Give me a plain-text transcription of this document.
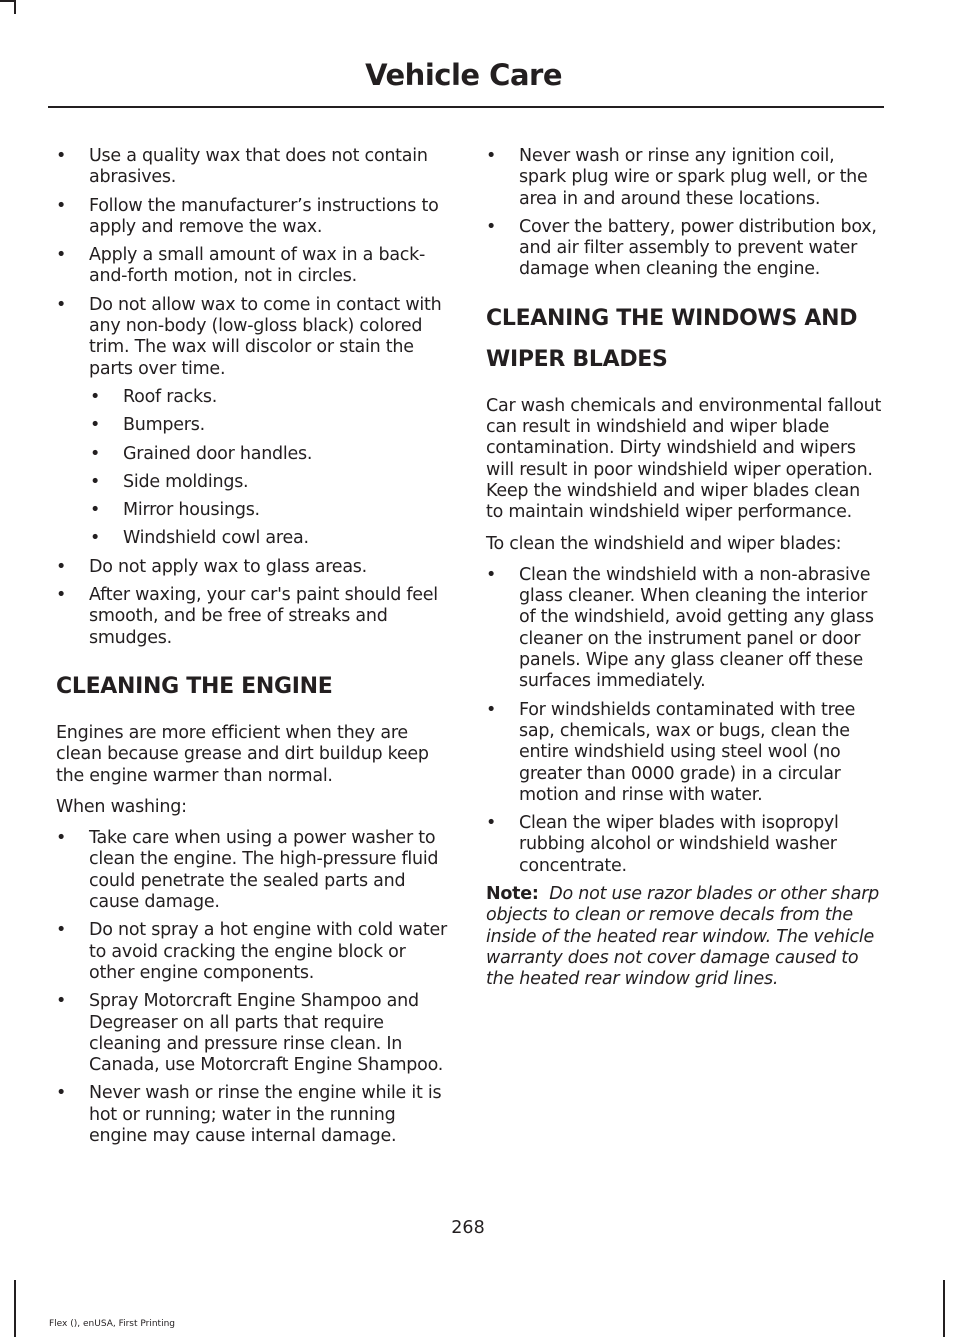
Vehicle Care
• Use a quality wax that does not contain abrasives.
• Follow the manufacturer’s instructions to apply and remove the wax.
• Apply a small amount of wax in a back-and-forth motion, not in circles.
• Do not allow wax to come in contact with any non-body (low-gloss black) colored trim. The wax will discolor or stain the parts over time.
• Roof racks.
• Bumpers.
• Grained door handles.
• Side moldings.
• Mirror housings.
• Windshield cowl area.
• Do not apply wax to glass areas.
• After waxing, your car's paint should feel smooth, and be free of streaks and smudges.
CLEANING THE ENGINE

Engines are more efficient when they are clean because grease and dirt buildup keep the engine warmer than normal.

When washing:

• Take care when using a power washer to clean the engine. The high-pressure fluid could penetrate the sealed parts and cause damage.
• Do not spray a hot engine with cold water to avoid cracking the engine block or other engine components.
• Spray Motorcraft Engine Shampoo and Degreaser on all parts that require cleaning and pressure rinse clean. In Canada, use Motorcraft Engine Shampoo.
• Never wash or rinse the engine while it is hot or running; water in the running engine may cause internal damage.
• Never wash or rinse any ignition coil, spark plug wire or spark plug well, or the area in and around these locations.
• Cover the battery, power distribution box, and air filter assembly to prevent water damage when cleaning the engine.
CLEANING THE WINDOWS AND
WIPER BLADES

Car wash chemicals and environmental fallout can result in windshield and wiper blade contamination. Dirty windshield and wipers will result in poor windshield wiper operation. Keep the windshield and wiper blades clean to maintain windshield wiper performance.

To clean the windshield and wiper blades:

• Clean the windshield with a non-abrasive glass cleaner. When cleaning the interior of the windshield, avoid getting any glass cleaner on the instrument panel or door panels. Wipe any glass cleaner off these surfaces immediately.
• For windshields contaminated with tree sap, chemicals, wax or bugs, clean the entire windshield using steel wool (no greater than 0000 grade) in a circular motion and rinse with water.
• Clean the wiper blades with isopropyl rubbing alcohol or windshield washer concentrate.

Note: Do not use razor blades or other sharp objects to clean or remove decals from the inside of the heated rear window. The vehicle warranty does not cover damage caused to the heated rear window grid lines.

268
Flex (), enUSA, First Printing
